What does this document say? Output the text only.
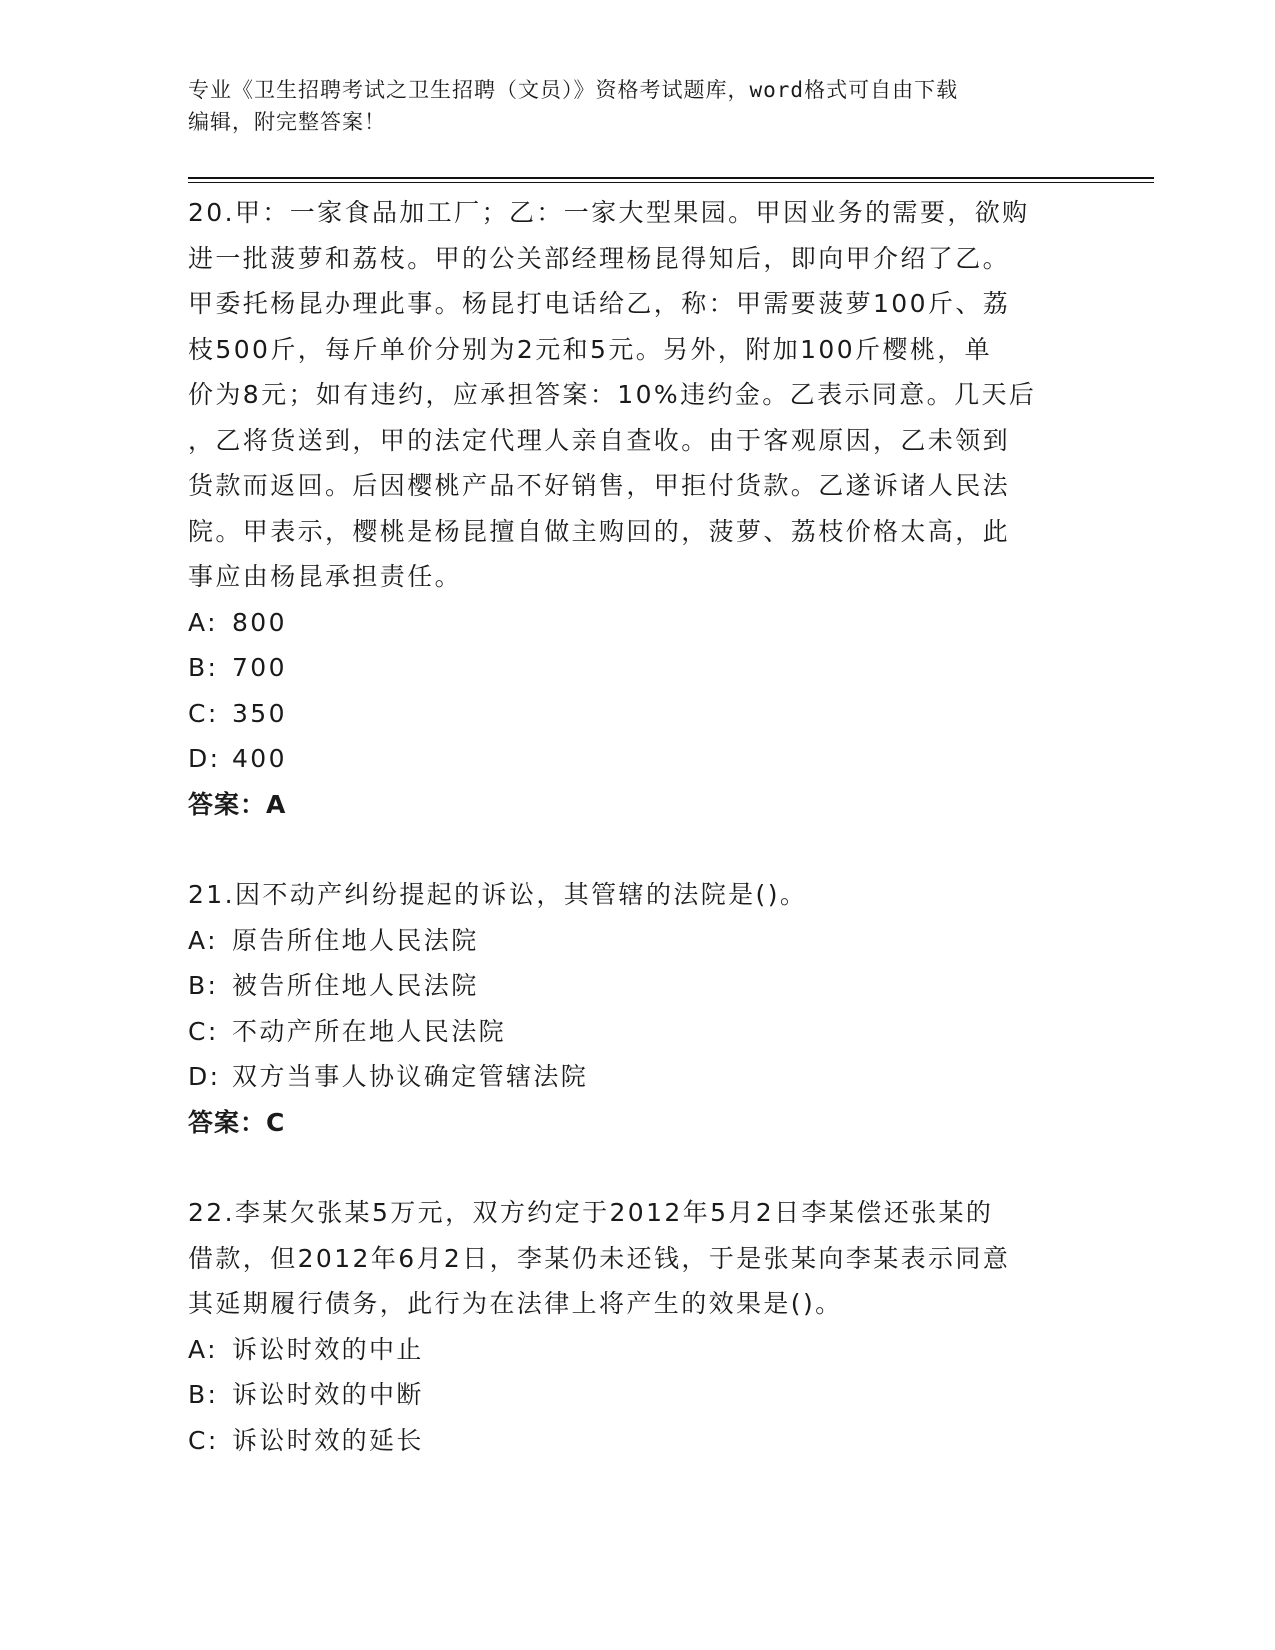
专业《卫生招聘考试之卫生招聘（文员）》资格考试题库，word格式可自由下载
编辑，附完整答案！
20.甲：一家食品加工厂；乙：一家大型果园。甲因业务的需要，欲购
进一批菠萝和荔枝。甲的公关部经理杨昆得知后，即向甲介绍了乙。
甲委托杨昆办理此事。杨昆打电话给乙，称：甲需要菠萝100斤、荔
枝500斤，每斤单价分别为2元和5元。另外，附加100斤樱桃，单
价为8元；如有违约，应承担答案：10%违约金。乙表示同意。几天后
，乙将货送到，甲的法定代理人亲自查收。由于客观原因，乙未领到
货款而返回。后因樱桃产品不好销售，甲拒付货款。乙遂诉诸人民法
院。甲表示，樱桃是杨昆擅自做主购回的，菠萝、荔枝价格太高，此
事应由杨昆承担责任。
A: 800
B: 700
C: 350
D: 400
答案：A
21.因不动产纠纷提起的诉讼，其管辖的法院是()。
A: 原告所住地人民法院
B: 被告所住地人民法院
C: 不动产所在地人民法院
D: 双方当事人协议确定管辖法院
答案：C
22.李某欠张某5万元，双方约定于2012年5月2日李某偿还张某的
借款，但2012年6月2日，李某仍未还钱，于是张某向李某表示同意
其延期履行债务，此行为在法律上将产生的效果是()。
A: 诉讼时效的中止
B: 诉讼时效的中断
C: 诉讼时效的延长
